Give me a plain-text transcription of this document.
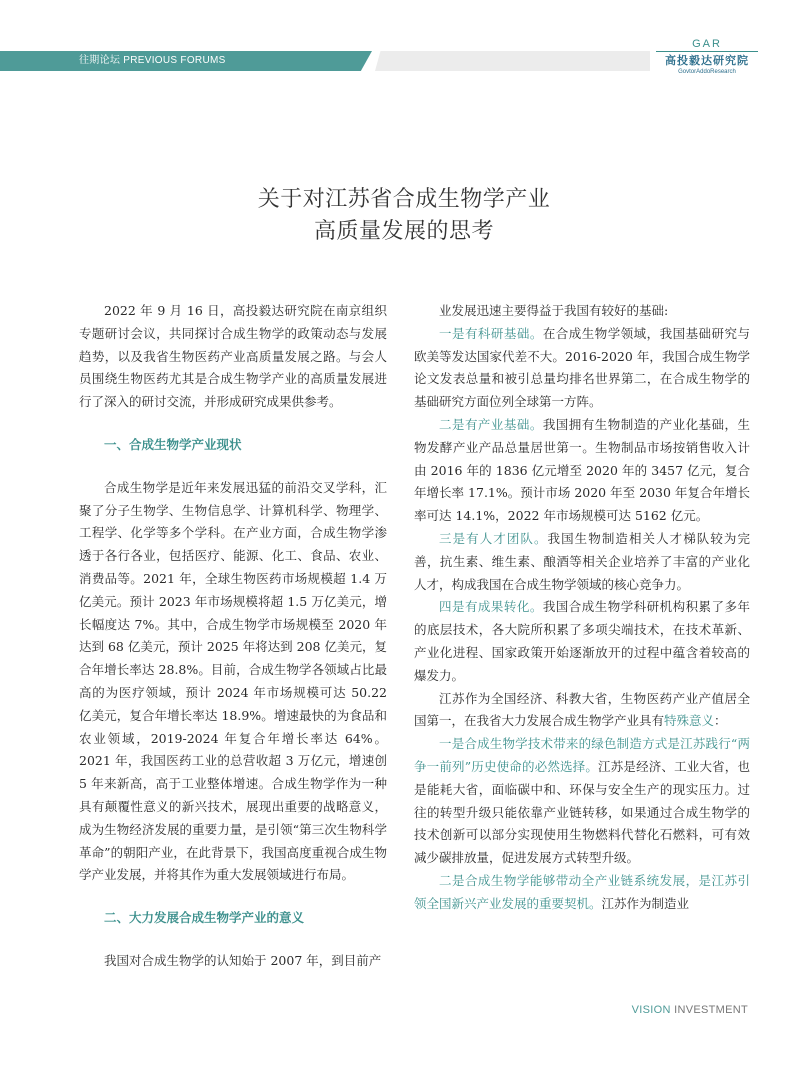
往期论坛 PREVIOUS FORUMS
GAR
高投毅达研究院
GovtorAddoResearch
关于对江苏省合成生物学产业
高质量发展的思考

2022 年 9 月 16 日，高投毅达研究院在南京组织专题研讨会议，共同探讨合成生物学的政策动态与发展趋势，以及我省生物医药产业高质量发展之路。与会人员围绕生物医药尤其是合成生物学产业的高质量发展进行了深入的研讨交流，并形成研究成果供参考。

一、合成生物学产业现状

合成生物学是近年来发展迅猛的前沿交叉学科，汇聚了分子生物学、生物信息学、计算机科学、物理学、工程学、化学等多个学科。在产业方面，合成生物学渗透于各行各业，包括医疗、能源、化工、食品、农业、消费品等。2021 年，全球生物医药市场规模超 1.4 万亿美元。预计 2023 年市场规模将超 1.5 万亿美元，增长幅度达 7%。其中，合成生物学市场规模至 2020 年达到 68 亿美元，预计 2025 年将达到 208 亿美元，复合年增长率达 28.8%。目前，合成生物学各领域占比最高的为医疗领域，预计 2024 年市场规模可达 50.22 亿美元，复合年增长率达 18.9%。增速最快的为食品和农业领域，2019-2024 年复合年增长率达 64%。2021 年，我国医药工业的总营收超 3 万亿元，增速创 5 年来新高，高于工业整体增速。合成生物学作为一种具有颠覆性意义的新兴技术，展现出重要的战略意义，成为生物经济发展的重要力量，是引领“第三次生物科学革命”的朝阳产业，在此背景下，我国高度重视合成生物学产业发展，并将其作为重大发展领域进行布局。

二、大力发展合成生物学产业的意义

我国对合成生物学的认知始于 2007 年，到目前产

业发展迅速主要得益于我国有较好的基础:

一是有科研基础。在合成生物学领域，我国基础研究与欧美等发达国家代差不大。2016-2020 年，我国合成生物学论文发表总量和被引总量均排名世界第二，在合成生物学的基础研究方面位列全球第一方阵。

二是有产业基础。我国拥有生物制造的产业化基础，生物发酵产业产品总量居世第一。生物制品市场按销售收入计由 2016 年的 1836 亿元增至 2020 年的 3457 亿元，复合年增长率 17.1%。预计市场 2020 年至 2030 年复合年增长率可达 14.1%，2022 年市场规模可达 5162 亿元。

三是有人才团队。我国生物制造相关人才梯队较为完善，抗生素、维生素、酿酒等相关企业培养了丰富的产业化人才，构成我国在合成生物学领域的核心竞争力。

四是有成果转化。我国合成生物学科研机构积累了多年的底层技术，各大院所积累了多项尖端技术，在技术革新、产业化进程、国家政策开始逐渐放开的过程中蕴含着较高的爆发力。

江苏作为全国经济、科教大省，生物医药产业产值居全国第一，在我省大力发展合成生物学产业具有特殊意义：

一是合成生物学技术带来的绿色制造方式是江苏践行“两争一前列”历史使命的必然选择。江苏是经济、工业大省，也是能耗大省，面临碳中和、环保与安全生产的现实压力。过往的转型升级只能依靠产业链转移，如果通过合成生物学的技术创新可以部分实现使用生物燃料代替化石燃料，可有效减少碳排放量，促进发展方式转型升级。

二是合成生物学能够带动全产业链系统发展，是江苏引领全国新兴产业发展的重要契机。江苏作为制造业

VISION INVESTMENT
